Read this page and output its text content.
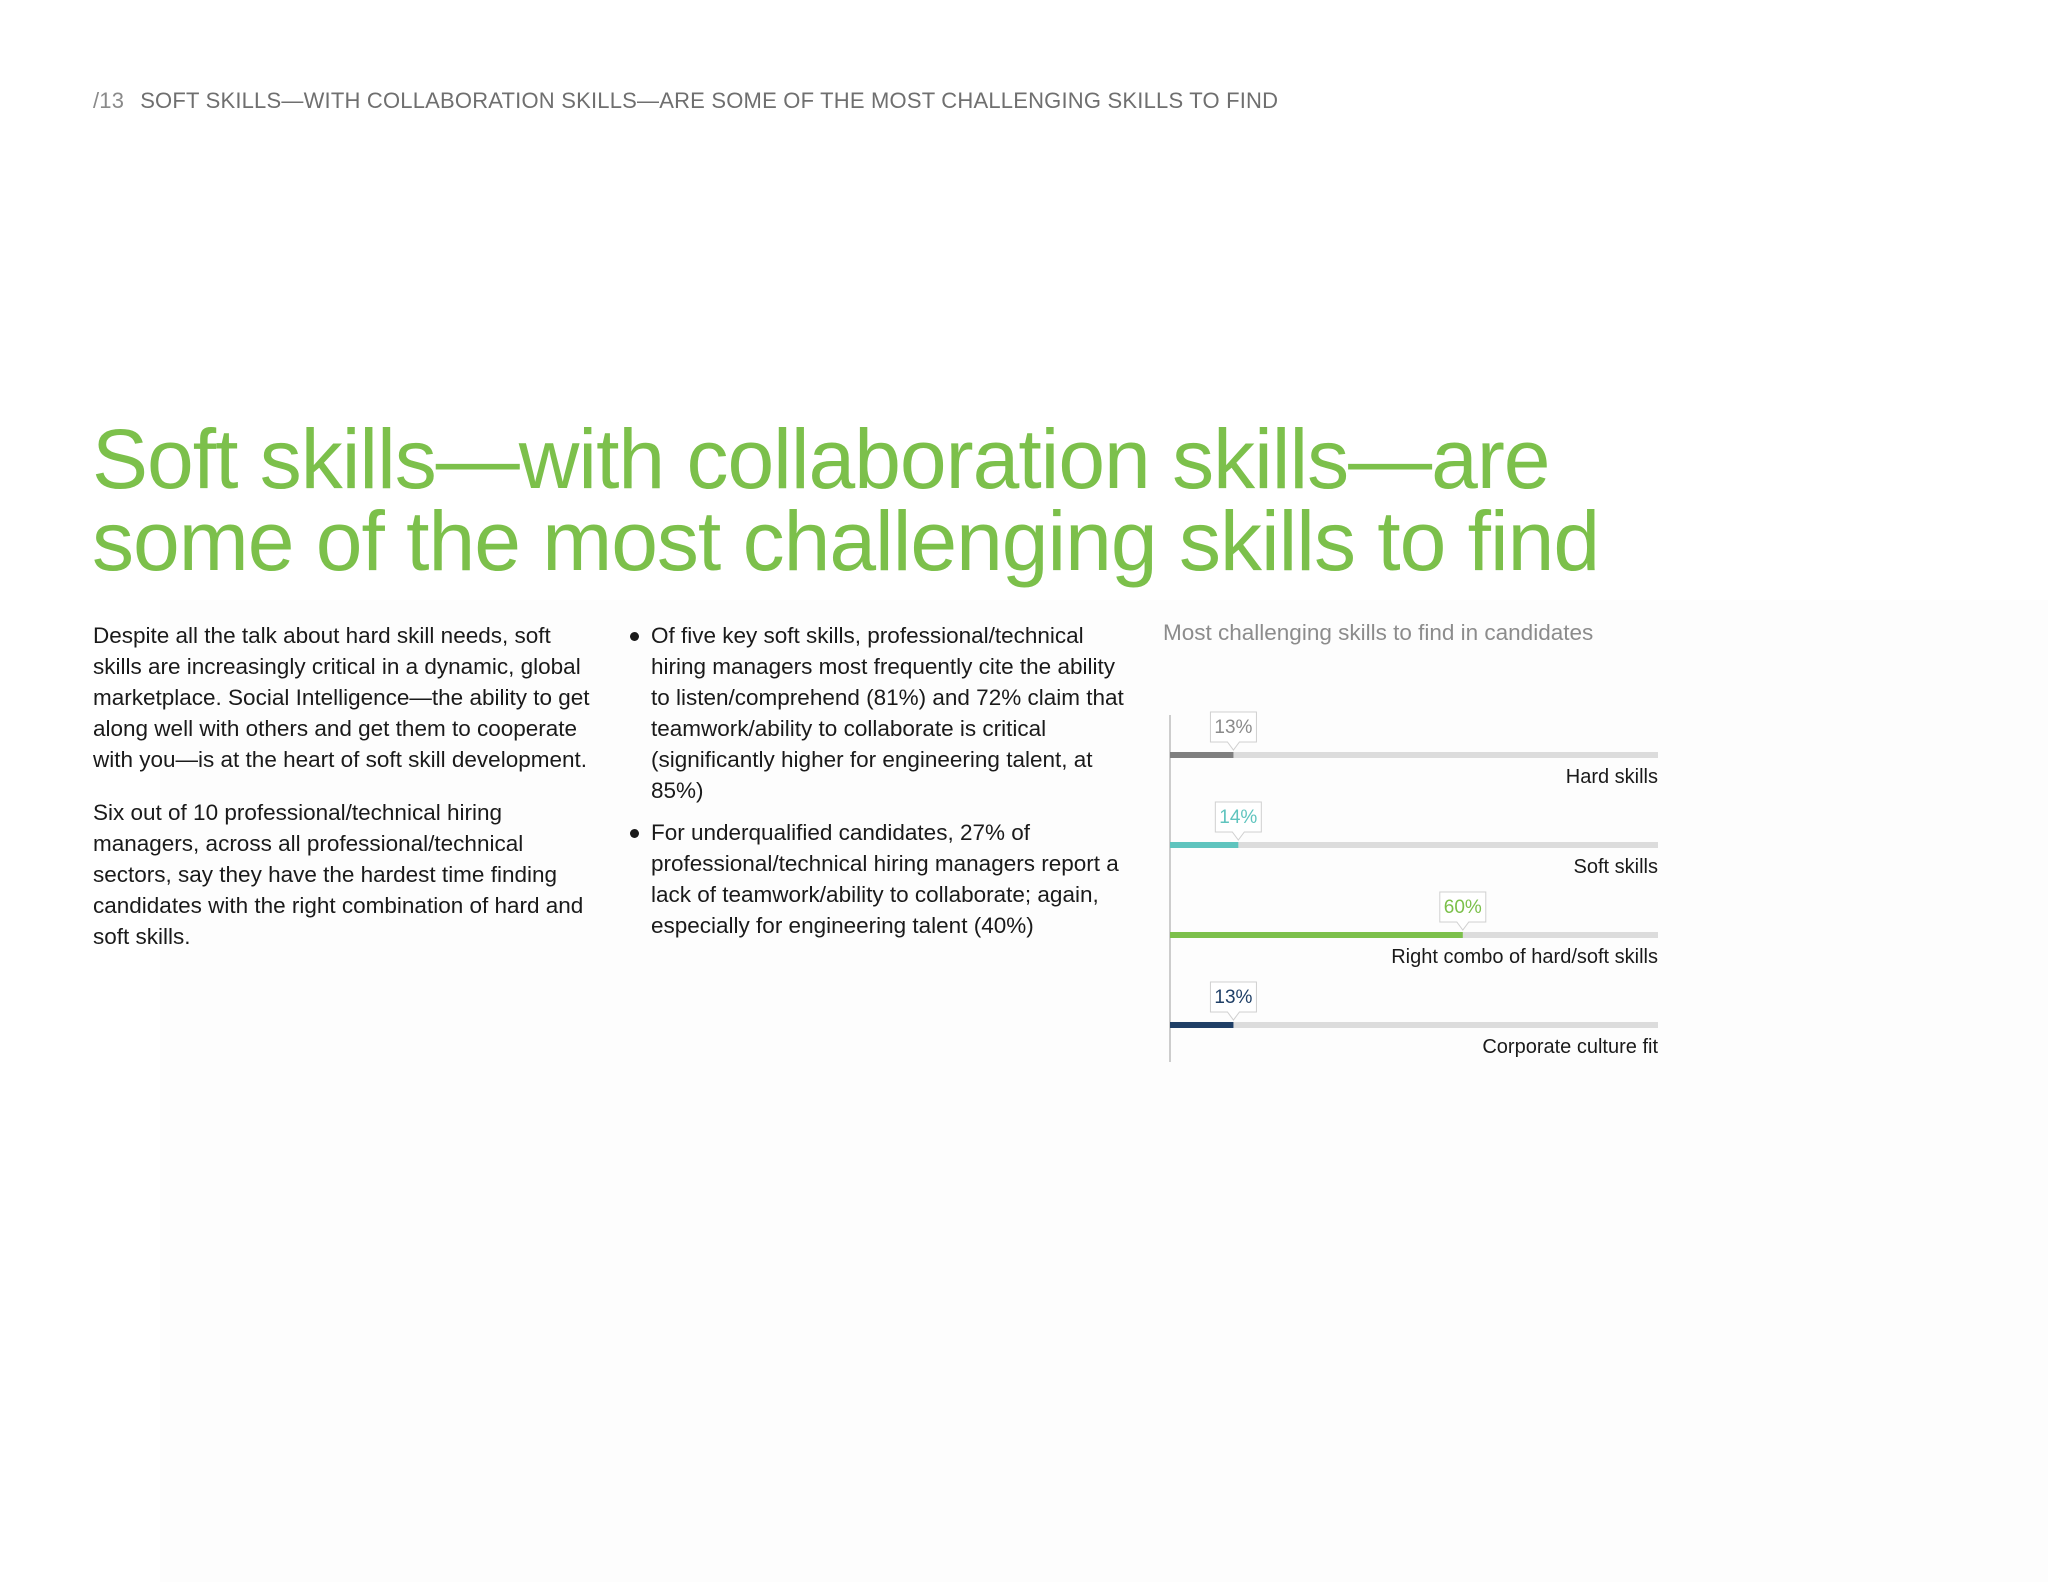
/13 SOFT SKILLS—WITH COLLABORATION SKILLS—ARE SOME OF THE MOST CHALLENGING SKILLS TO FIND
Soft skills—with collaboration skills—are
some of the most challenging skills to find

Despite all the talk about hard skill needs, soft skills are increasingly critical in a dynamic, global marketplace. Social Intelligence—the ability to get along well with others and get them to cooperate with you—is at the heart of soft skill development.

Six out of 10 professional/technical hiring managers, across all professional/technical sectors, say they have the hardest time finding candidates with the right combination of hard and soft skills.

Of five key soft skills, professional/technical hiring managers most frequently cite the ability to listen/comprehend (81%) and 72% claim that teamwork/ability to collaborate is critical (significantly higher for engineering talent, at 85%)
For underqualified candidates, 27% of professional/technical hiring managers report a lack of teamwork/ability to collaborate; again, especially for engineering talent (40%)
Most challenging skills to find in candidates
13%
Hard skills
14%
Soft skills
60%
Right combo of hard/soft skills
13%
Corporate culture fit
